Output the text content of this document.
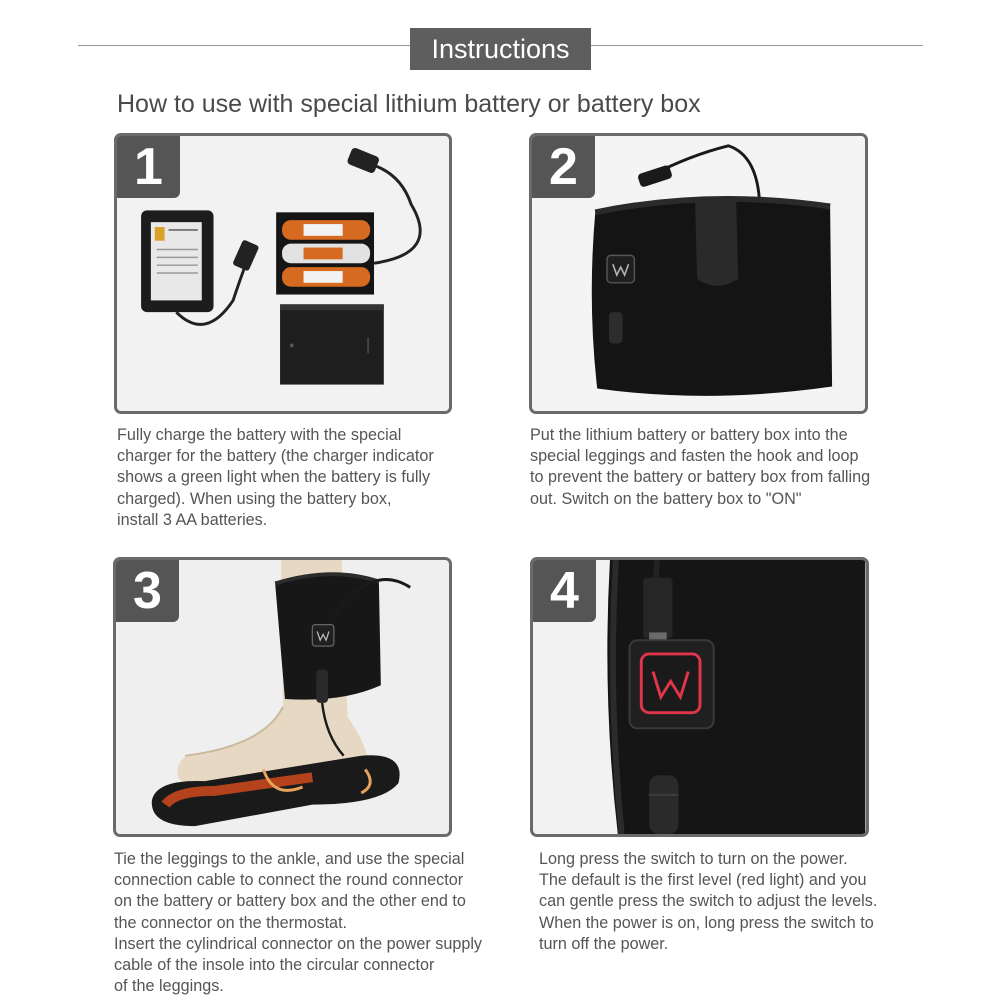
Instructions
How to use with special lithium battery or battery box
1
Fully charge the battery with the special
charger for the battery (the charger indicator
shows a green light when the battery is fully
charged). When using the battery box,
install 3 AA batteries.
2
Put the lithium battery or battery box into the
special leggings and fasten the hook and loop
to prevent the battery or battery box from falling
out. Switch on the battery box to "ON"
3
Tie the leggings to the ankle, and use the special
connection cable to connect the round connector
on the battery or battery box and the other end to
the connector on the thermostat.
Insert the cylindrical connector on the power supply
cable of the insole into the circular connector
of the leggings.
4
Long press the switch to turn on the power.
The default is the first level (red light) and you
can gentle press the switch to adjust the levels.
When the power is on, long press the switch to
turn off the power.
